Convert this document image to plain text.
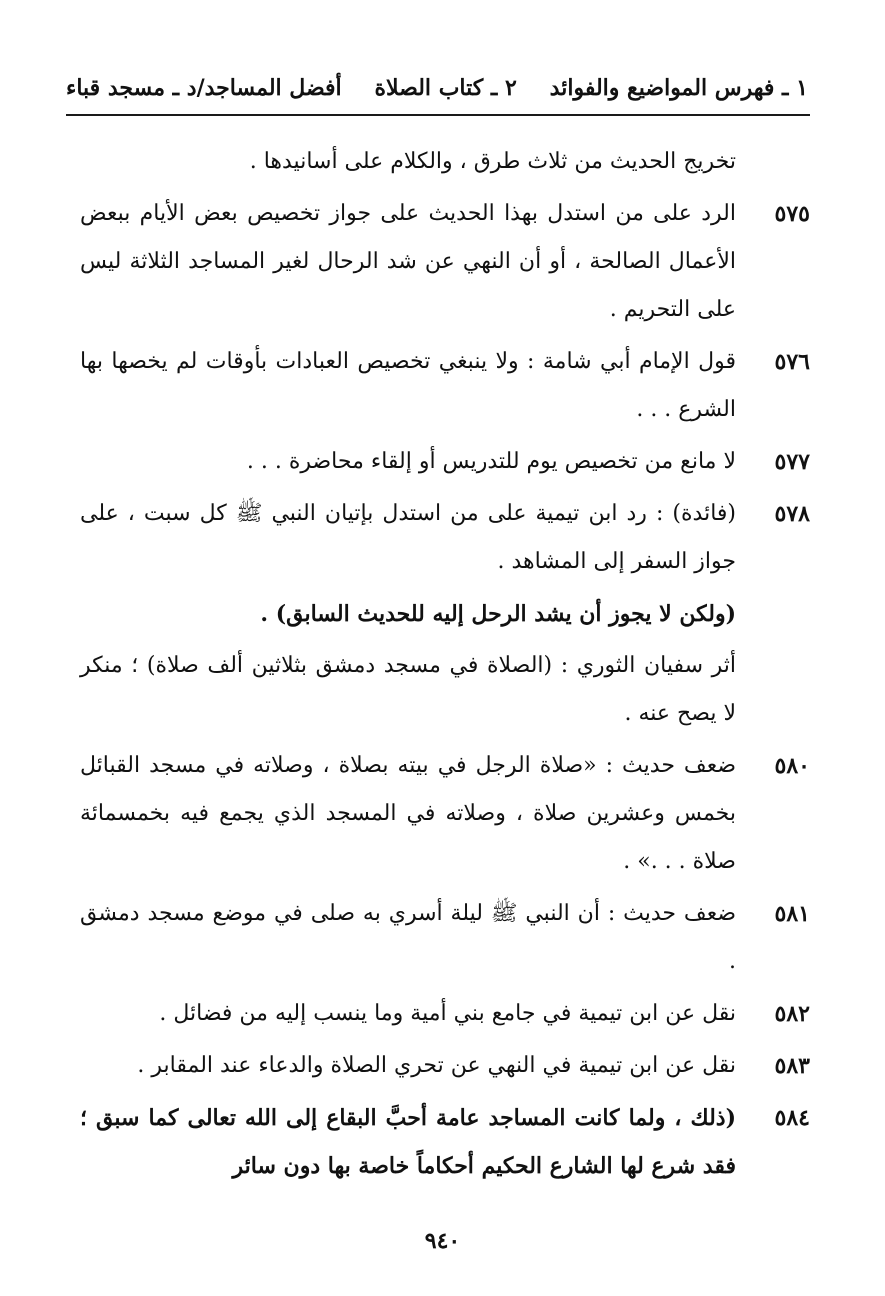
١ ـ فهرس المواضيع والفوائد
٢ ـ كتاب الصلاة
أفضل المساجد/د ـ مسجد قباء
تخريج الحديث من ثلاث طرق ، والكلام على أسانيدها .
٥٧٥
الرد على من استدل بهذا الحديث على جواز تخصيص بعض الأيام ببعض الأعمال الصالحة ، أو أن النهي عن شد الرحال لغير المساجد الثلاثة ليس على التحريم .
٥٧٦
قول الإمام أبي شامة : ولا ينبغي تخصيص العبادات بأوقات لم يخصها بها الشرع . . .
٥٧٧
لا مانع من تخصيص يوم للتدريس أو إلقاء محاضرة . . .
٥٧٨
(فائدة) : رد ابن تيمية على من استدل بإتيان النبي ﷺ كل سبت ، على جواز السفر إلى المشاهد .
(ولكن لا يجوز أن يشد الرحل إليه للحديث السابق) .
أثر سفيان الثوري : (الصلاة في مسجد دمشق بثلاثين ألف صلاة) ؛ منكر لا يصح عنه .
٥٨٠
ضعف حديث : «صلاة الرجل في بيته بصلاة ، وصلاته في مسجد القبائل بخمس وعشرين صلاة ، وصلاته في المسجد الذي يجمع فيه بخمسمائة صلاة . . .» .
٥٨١
ضعف حديث : أن النبي ﷺ ليلة أسري به صلى في موضع مسجد دمشق .
٥٨٢
نقل عن ابن تيمية في جامع بني أمية وما ينسب إليه من فضائل .
٥٨٣
نقل عن ابن تيمية في النهي عن تحري الصلاة والدعاء عند المقابر .
٥٨٤
(ذلك ، ولما كانت المساجد عامة أحبَّ البقاع إلى الله تعالى كما سبق ؛ فقد شرع لها الشارع الحكيم أحكاماً خاصة بها دون سائر
٩٤٠
